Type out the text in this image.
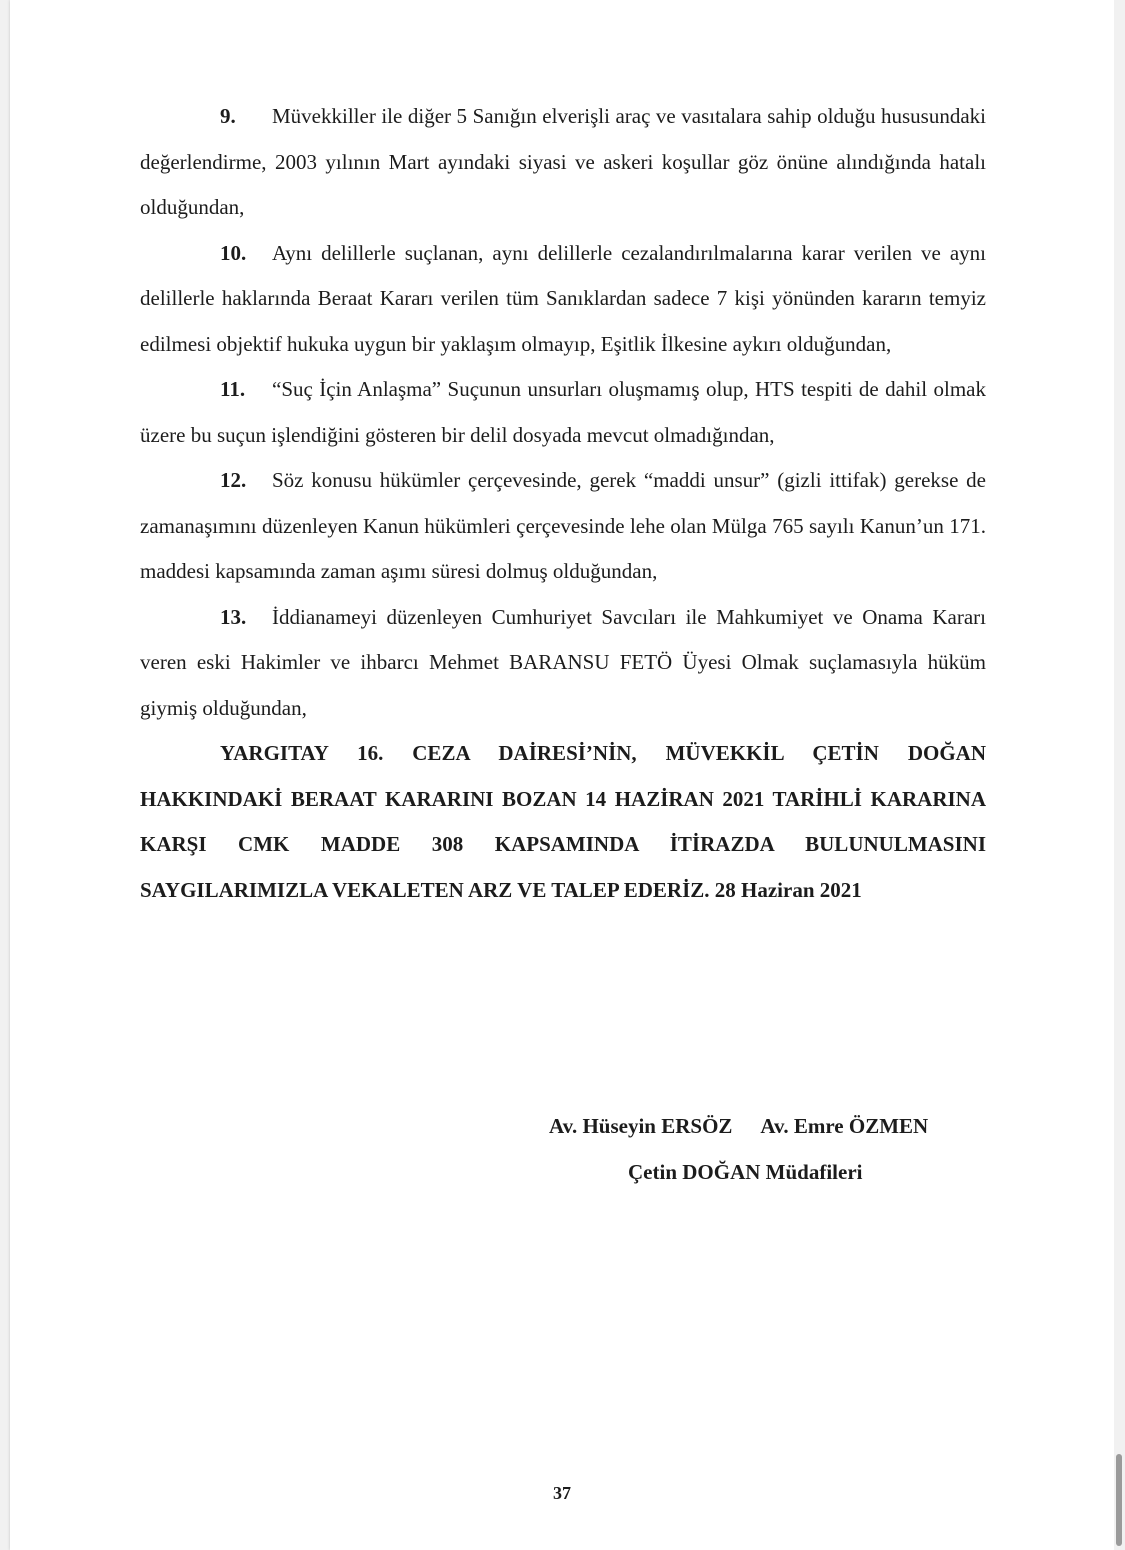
9. Müvekkiller ile diğer 5 Sanığın elverişli araç ve vasıtalara sahip olduğu hususundaki değerlendirme, 2003 yılının Mart ayındaki siyasi ve askeri koşullar göz önüne alındığında hatalı olduğundan,

10. Aynı delillerle suçlanan, aynı delillerle cezalandırılmalarına karar verilen ve aynı delillerle haklarında Beraat Kararı verilen tüm Sanıklardan sadece 7 kişi yönünden kararın temyiz edilmesi objektif hukuka uygun bir yaklaşım olmayıp, Eşitlik İlkesine aykırı olduğundan,

11. “Suç İçin Anlaşma” Suçunun unsurları oluşmamış olup, HTS tespiti de dahil olmak üzere bu suçun işlendiğini gösteren bir delil dosyada mevcut olmadığından,

12. Söz konusu hükümler çerçevesinde, gerek “maddi unsur” (gizli ittifak) gerekse de zamanaşımını düzenleyen Kanun hükümleri çerçevesinde lehe olan Mülga 765 sayılı Kanun’un 171. maddesi kapsamında zaman aşımı süresi dolmuş olduğundan,

13. İddianameyi düzenleyen Cumhuriyet Savcıları ile Mahkumiyet ve Onama Kararı veren eski Hakimler ve ihbarcı Mehmet BARANSU FETÖ Üyesi Olmak suçlamasıyla hüküm giymiş olduğundan,

YARGITAY 16. CEZA DAİRESİ’NİN, MÜVEKKİL ÇETİN DOĞAN HAKKINDAKİ BERAAT KARARINI BOZAN 14 HAZİRAN 2021 TARİHLİ KARARINA KARŞI CMK MADDE 308 KAPSAMINDA İTİRAZDA BULUNULMASINI SAYGILARIMIZLA VEKALETEN ARZ VE TALEP EDERİZ. 28 Haziran 2021

Av. Hüseyin ERSÖZ Av. Emre ÖZMEN
Çetin DOĞAN Müdafileri
37
